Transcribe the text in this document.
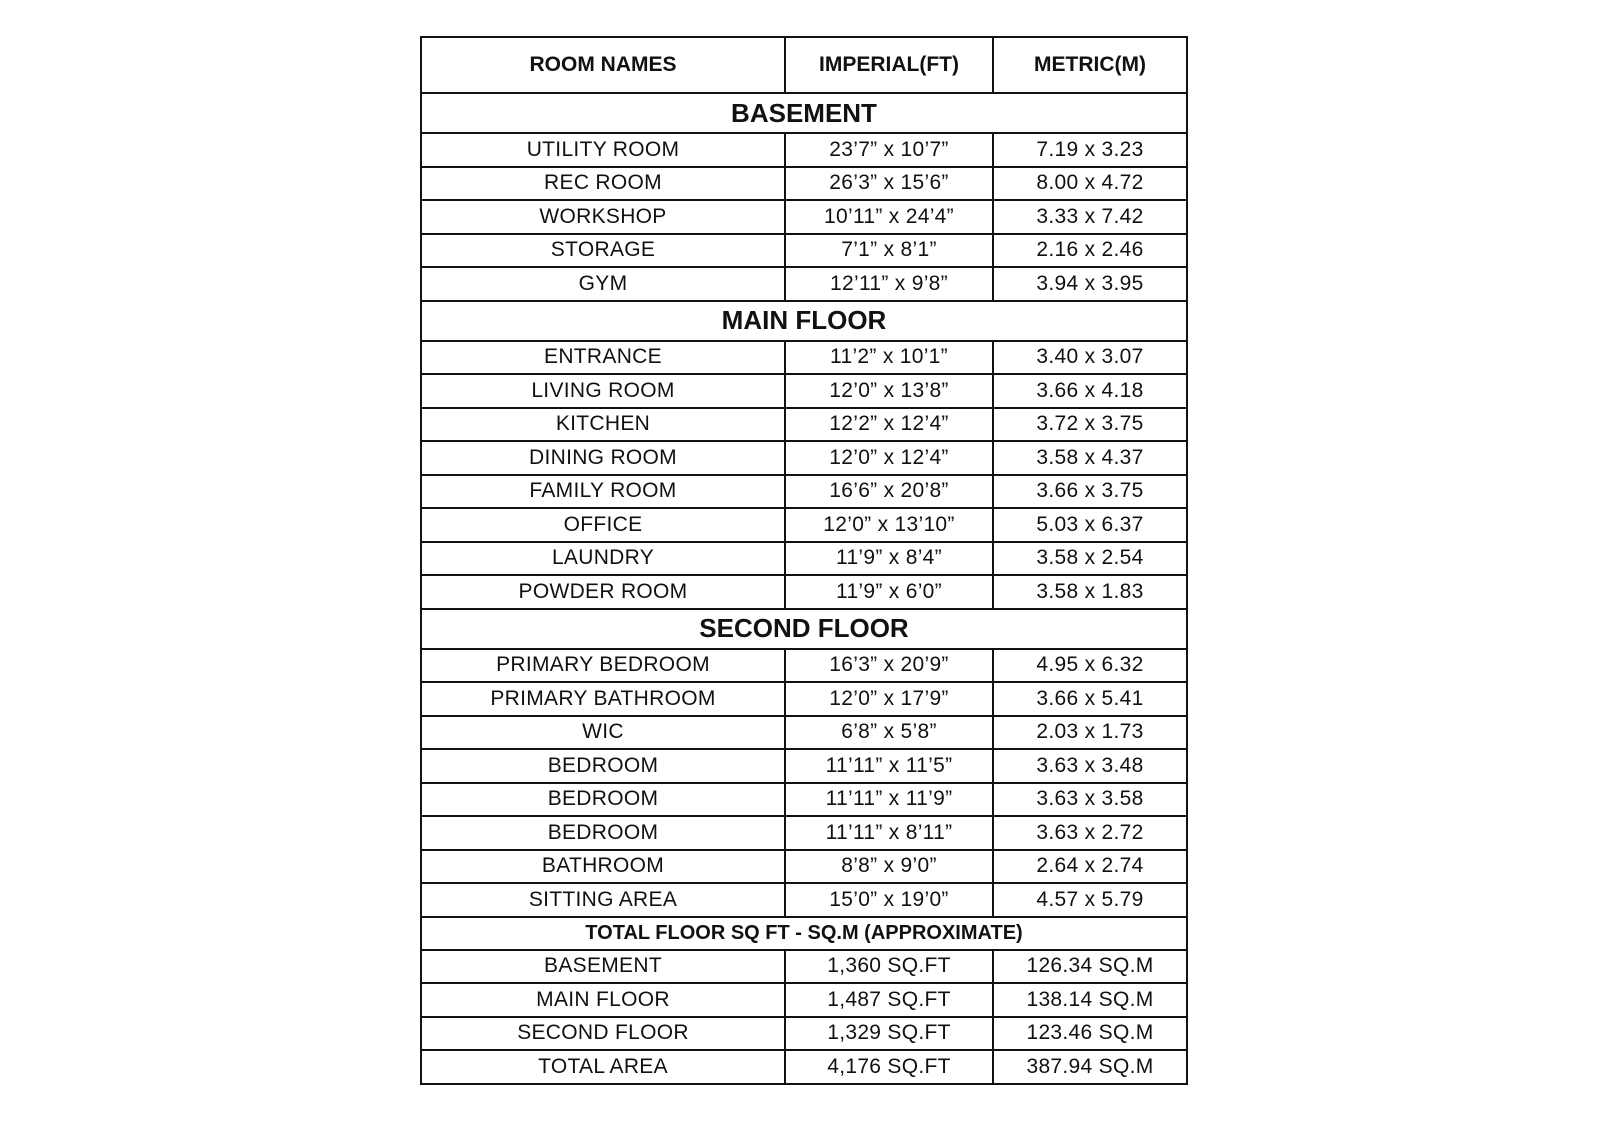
ROOM NAMES	IMPERIAL(FT)	METRIC(M)
BASEMENT		
UTILITY ROOM	23’7” x 10’7”	7.19 x 3.23
REC ROOM	26’3” x 15’6”	8.00 x 4.72
WORKSHOP	10’11” x 24’4”	3.33 x 7.42
STORAGE	7’1” x 8’1”	2.16 x 2.46
GYM	12’11” x 9’8”	3.94 x 3.95
MAIN FLOOR		
ENTRANCE	11’2” x 10’1”	3.40 x 3.07
LIVING ROOM	12’0” x 13’8”	3.66 x 4.18
KITCHEN	12’2” x 12’4”	3.72 x 3.75
DINING ROOM	12’0” x 12’4”	3.58 x 4.37
FAMILY ROOM	16’6” x 20’8”	3.66 x 3.75
OFFICE	12’0” x 13’10”	5.03 x 6.37
LAUNDRY	11’9” x 8’4”	3.58 x 2.54
POWDER ROOM	11’9” x 6’0”	3.58 x 1.83
SECOND FLOOR		
PRIMARY BEDROOM	16’3” x 20’9”	4.95 x 6.32
PRIMARY BATHROOM	12’0” x 17’9”	3.66 x 5.41
WIC	6’8” x 5’8”	2.03 x 1.73
BEDROOM	11’11” x 11’5”	3.63 x 3.48
BEDROOM	11’11” x 11’9”	3.63 x 3.58
BEDROOM	11’11” x 8’11”	3.63 x 2.72
BATHROOM	8’8” x 9’0”	2.64 x 2.74
SITTING AREA	15’0” x 19’0”	4.57 x 5.79
TOTAL FLOOR SQ FT - SQ.M (APPROXIMATE)		
BASEMENT	1,360 SQ.FT	126.34 SQ.M
MAIN FLOOR	1,487 SQ.FT	138.14 SQ.M
SECOND FLOOR	1,329 SQ.FT	123.46 SQ.M
TOTAL AREA	4,176 SQ.FT	387.94 SQ.M
